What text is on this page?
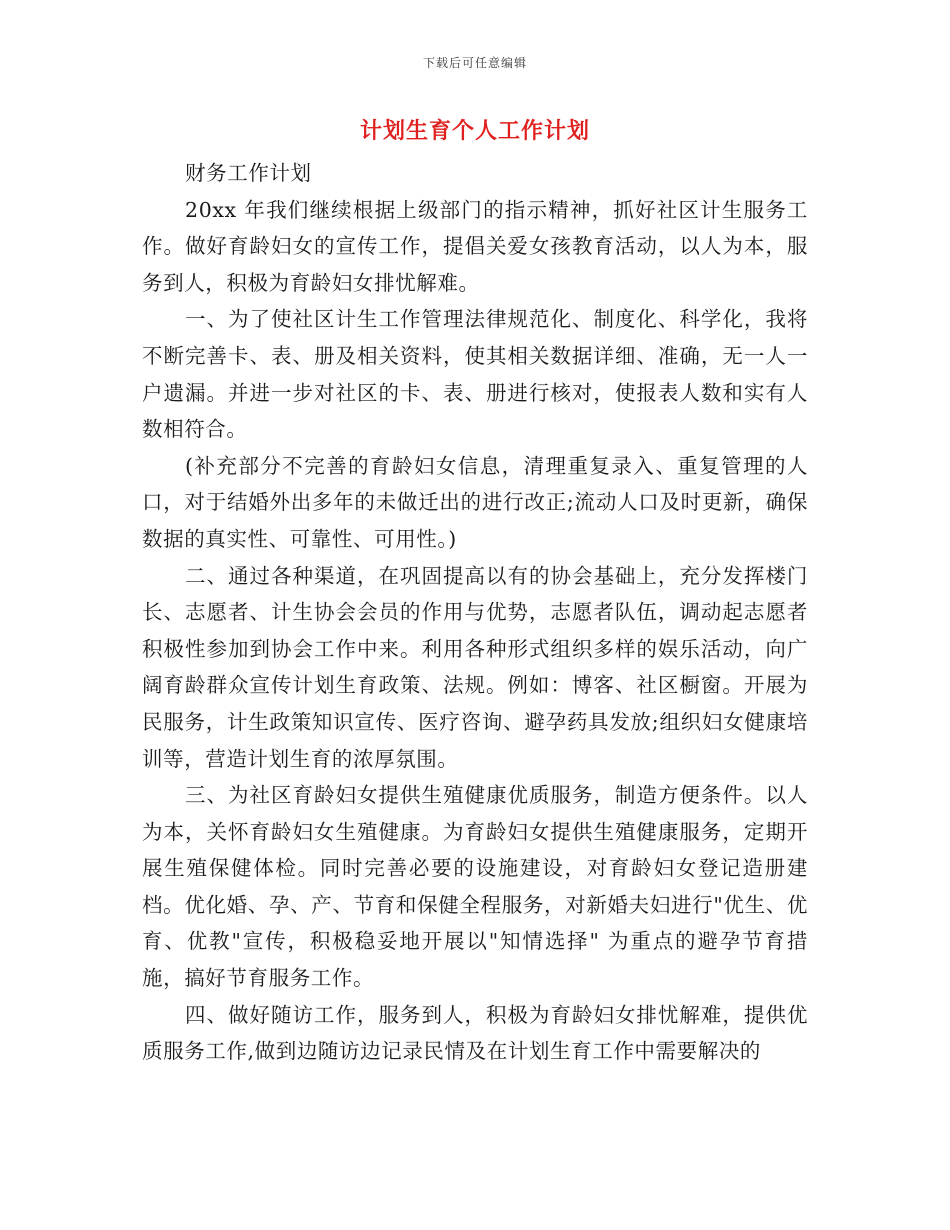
下载后可任意编辑
计划生育个人工作计划

财务工作计划

20xx 年我们继续根据上级部门的指示精神，抓好社区计生服务工作。做好育龄妇女的宣传工作，提倡关爱女孩教育活动，以人为本，服务到人，积极为育龄妇女排忧解难。

一、为了使社区计生工作管理法律规范化、制度化、科学化，我将不断完善卡、表、册及相关资料，使其相关数据详细、准确，无一人一户遗漏。并进一步对社区的卡、表、册进行核对，使报表人数和实有人数相符合。

(补充部分不完善的育龄妇女信息，清理重复录入、重复管理的人口，对于结婚外出多年的未做迁出的进行改正;流动人口及时更新，确保数据的真实性、可靠性、可用性。)

二、通过各种渠道，在巩固提高以有的协会基础上，充分发挥楼门长、志愿者、计生协会会员的作用与优势，志愿者队伍，调动起志愿者积极性参加到协会工作中来。利用各种形式组织多样的娱乐活动，向广阔育龄群众宣传计划生育政策、法规。例如：博客、社区橱窗。开展为民服务，计生政策知识宣传、医疗咨询、避孕药具发放;组织妇女健康培训等，营造计划生育的浓厚氛围。

三、为社区育龄妇女提供生殖健康优质服务，制造方便条件。以人为本，关怀育龄妇女生殖健康。为育龄妇女提供生殖健康服务，定期开展生殖保健体检。同时完善必要的设施建设，对育龄妇女登记造册建档。优化婚、孕、产、节育和保健全程服务，对新婚夫妇进行"优生、优育、优教"宣传，积极稳妥地开展以"知情选择" 为重点的避孕节育措施，搞好节育服务工作。

四、做好随访工作，服务到人，积极为育龄妇女排忧解难，提供优质服务工作,做到边随访边记录民情及在计划生育工作中需要解决的
